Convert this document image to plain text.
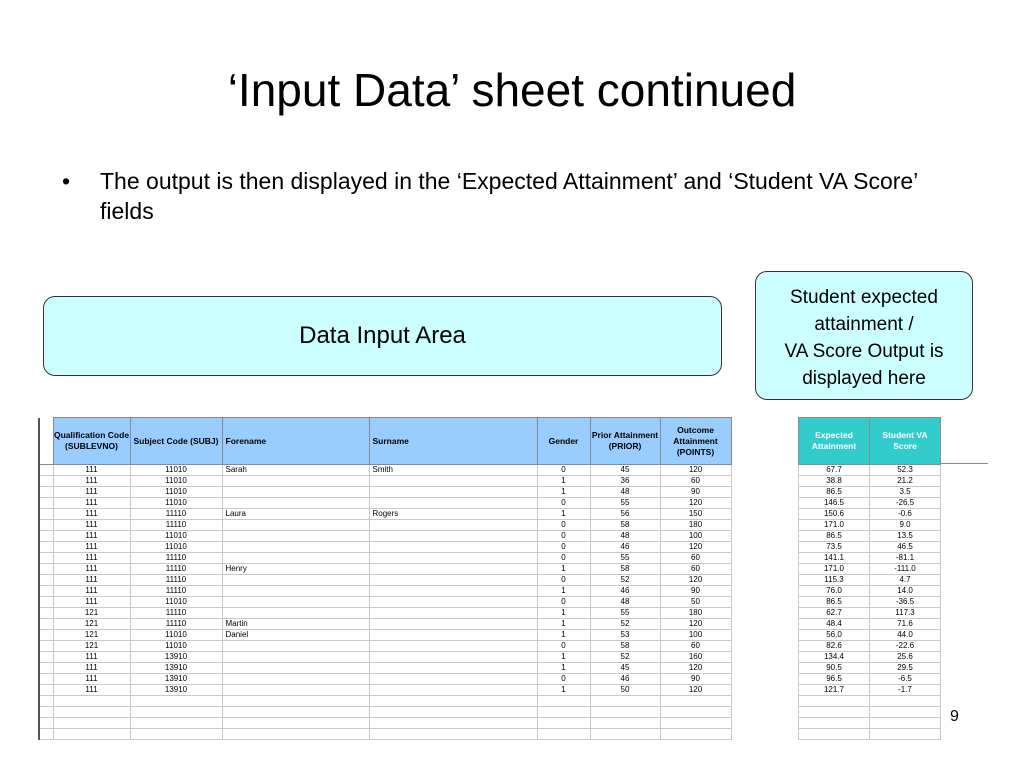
‘Input Data’ sheet continued
• The output is then displayed in the ‘Expected Attainment’ and ‘Student VA Score’ fields
Data Input Area
Student expected
attainment /
VA Score Output is
displayed here
	Qualification Code (SUBLEVNO)	Subject Code (SUBJ)	Forename	Surname	Gender	Prior Attainment (PRIOR)	Outcome Attainment (POINTS)
	111	11010	Sarah	Smith	0	45	120
	111	11010			1	36	60
	111	11010			1	48	90
	111	11010			0	55	120
	111	11110	Laura	Rogers	1	56	150
	111	11110			0	58	180
	111	11010			0	48	100
	111	11010			0	46	120
	111	11110			0	55	60
	111	11110	Henry		1	58	60
	111	11110			0	52	120
	111	11110			1	46	90
	111	11010			0	48	50
	121	11110			1	55	180
	121	11110	Martin		1	52	120
	121	11010	Daniel		1	53	100
	121	11010			0	58	60
	111	13910			1	52	160
	111	13910			1	45	120
	111	13910			0	46	90
	111	13910			1	50	120

Expected Attainment	Student VA Score
67.7	52.3
38.8	21.2
86.5	3.5
146.5	-26.5
150.6	-0.6
171.0	9.0
86.5	13.5
73.5	46.5
141.1	-81.1
171.0	-111.0
115.3	4.7
76.0	14.0
86.5	-36.5
62.7	117.3
48.4	71.6
56.0	44.0
82.6	-22.6
134.4	25.6
90.5	29.5
96.5	-6.5
121.7	-1.7

9
